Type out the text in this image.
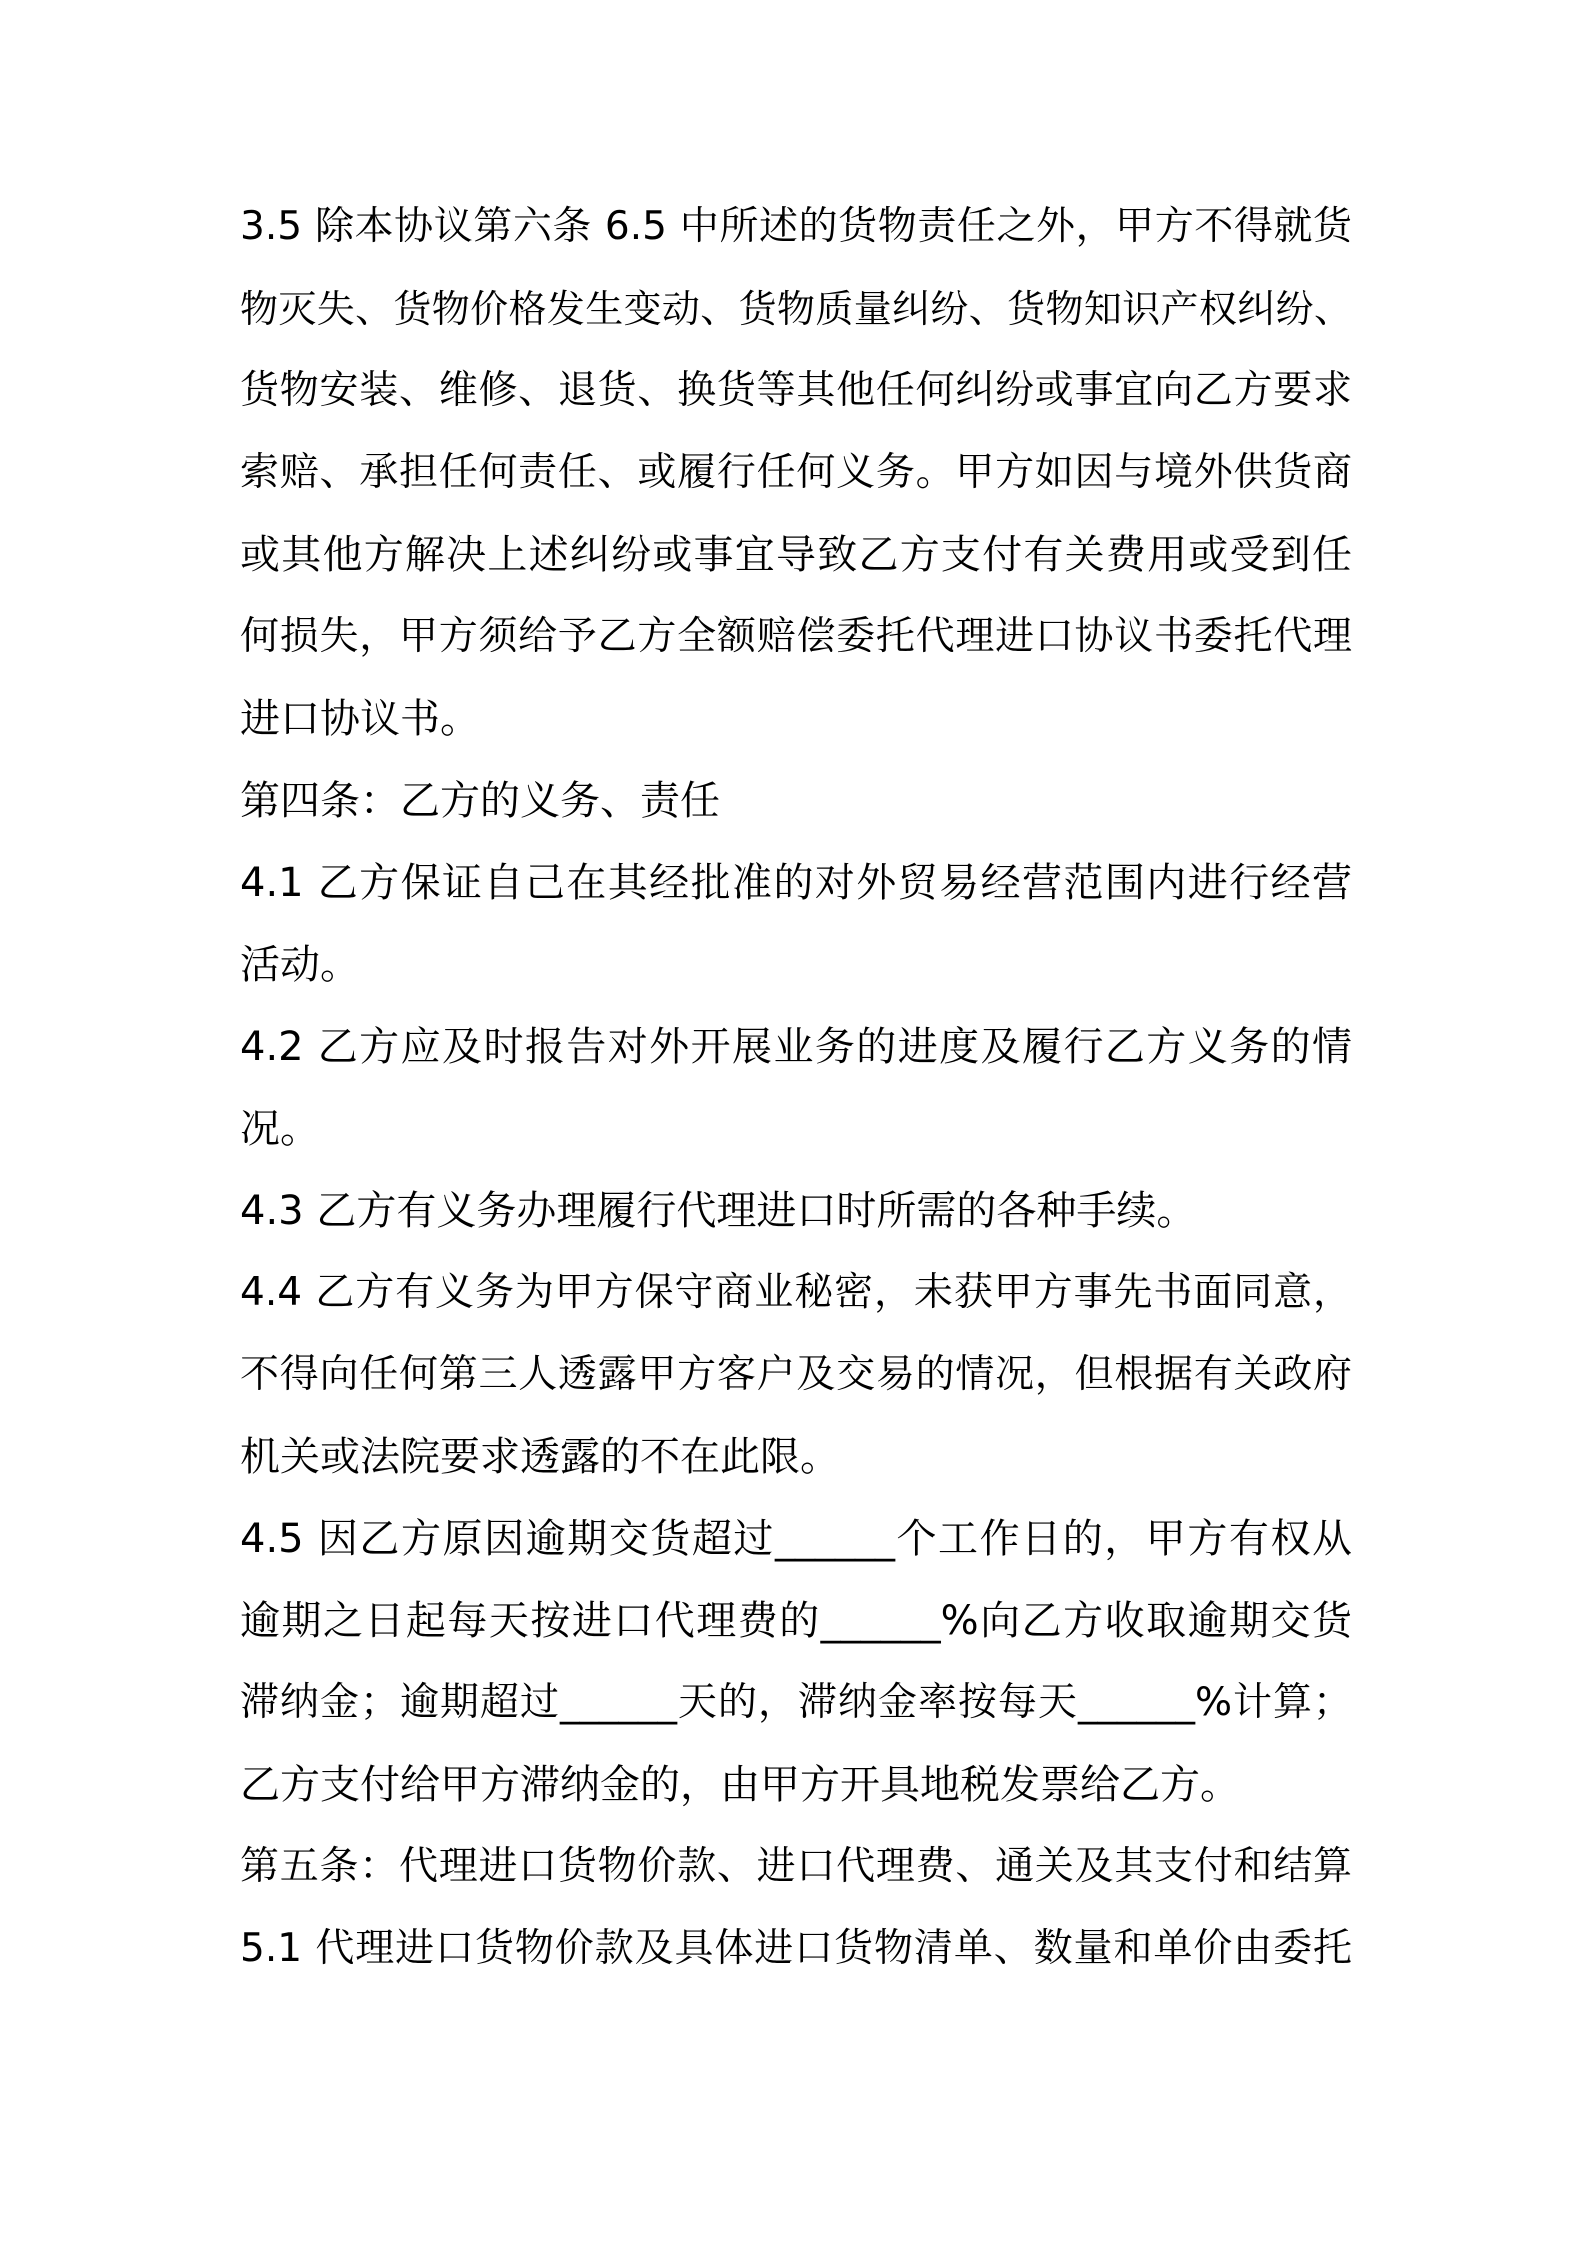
3.5 除本协议第六条 6.5 中所述的货物责任之外，甲方不得就货
物灭失、货物价格发生变动、货物质量纠纷、货物知识产权纠纷、
货物安装、维修、退货、换货等其他任何纠纷或事宜向乙方要求
索赔、承担任何责任、或履行任何义务。甲方如因与境外供货商
或其他方解决上述纠纷或事宜导致乙方支付有关费用或受到任
何损失，甲方须给予乙方全额赔偿委托代理进口协议书委托代理
进口协议书。
第四条：乙方的义务、责任
4.1 乙方保证自己在其经批准的对外贸易经营范围内进行经营
活动。
4.2 乙方应及时报告对外开展业务的进度及履行乙方义务的情
况。
4.3 乙方有义务办理履行代理进口时所需的各种手续。
4.4 乙方有义务为甲方保守商业秘密，未获甲方事先书面同意，
不得向任何第三人透露甲方客户及交易的情况，但根据有关政府
机关或法院要求透露的不在此限。
4.5 因乙方原因逾期交货超过______个工作日的，甲方有权从
逾期之日起每天按进口代理费的______%向乙方收取逾期交货
滞纳金；逾期超过______天的，滞纳金率按每天______%计算；
乙方支付给甲方滞纳金的，由甲方开具地税发票给乙方。
第五条：代理进口货物价款、进口代理费、通关及其支付和结算
5.1 代理进口货物价款及具体进口货物清单、数量和单价由委托
